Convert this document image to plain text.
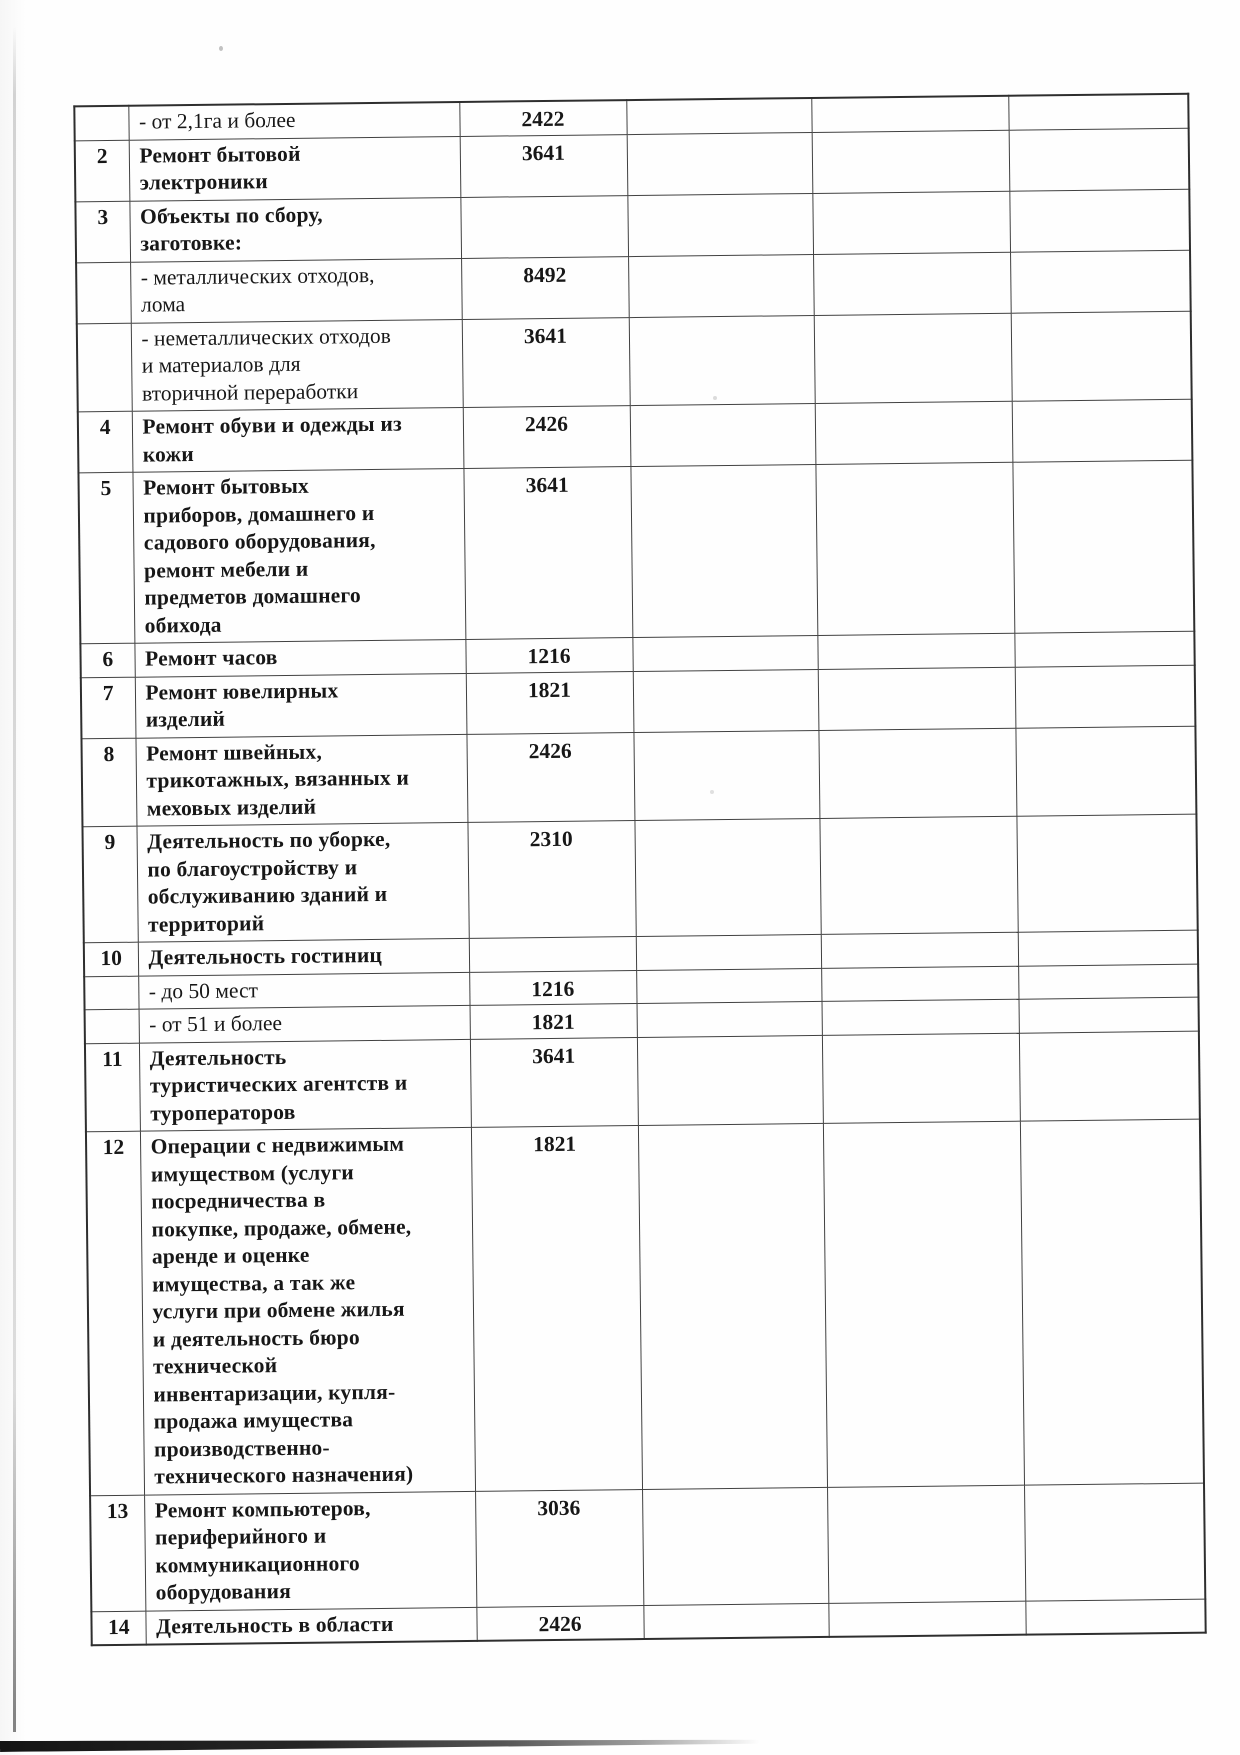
	- от 2,1га и более	2422			
2	Ремонт бытовой
электроники	3641			
3	Объекты по сбору,
заготовке:				
	- металлических отходов,
лома	8492			
	- неметаллических отходов
и материалов для
вторичной переработки	3641			
4	Ремонт обуви и одежды из
кожи	2426			
5	Ремонт бытовых
приборов, домашнего и
садового оборудования,
ремонт мебели и
предметов домашнего
обихода	3641			
6	Ремонт часов	1216			
7	Ремонт ювелирных
изделий	1821			
8	Ремонт швейных,
трикотажных, вязанных и
меховых изделий	2426			
9	Деятельность по уборке,
по благоустройству и
обслуживанию зданий и
территорий	2310			
10	Деятельность гостиниц				
	- до 50 мест	1216			
	- от 51 и более	1821			
11	Деятельность
туристических агентств и
туроператоров	3641			
12	Операции с недвижимым
имуществом (услуги
посредничества в
покупке, продаже, обмене,
аренде и оценке
имущества, а так же
услуги при обмене жилья
и деятельность бюро
технической
инвентаризации, купля-
продажа имущества
производственно-
технического назначения)	1821			
13	Ремонт компьютеров,
периферийного и
коммуникационного
оборудования	3036			
14	Деятельность в области	2426			
